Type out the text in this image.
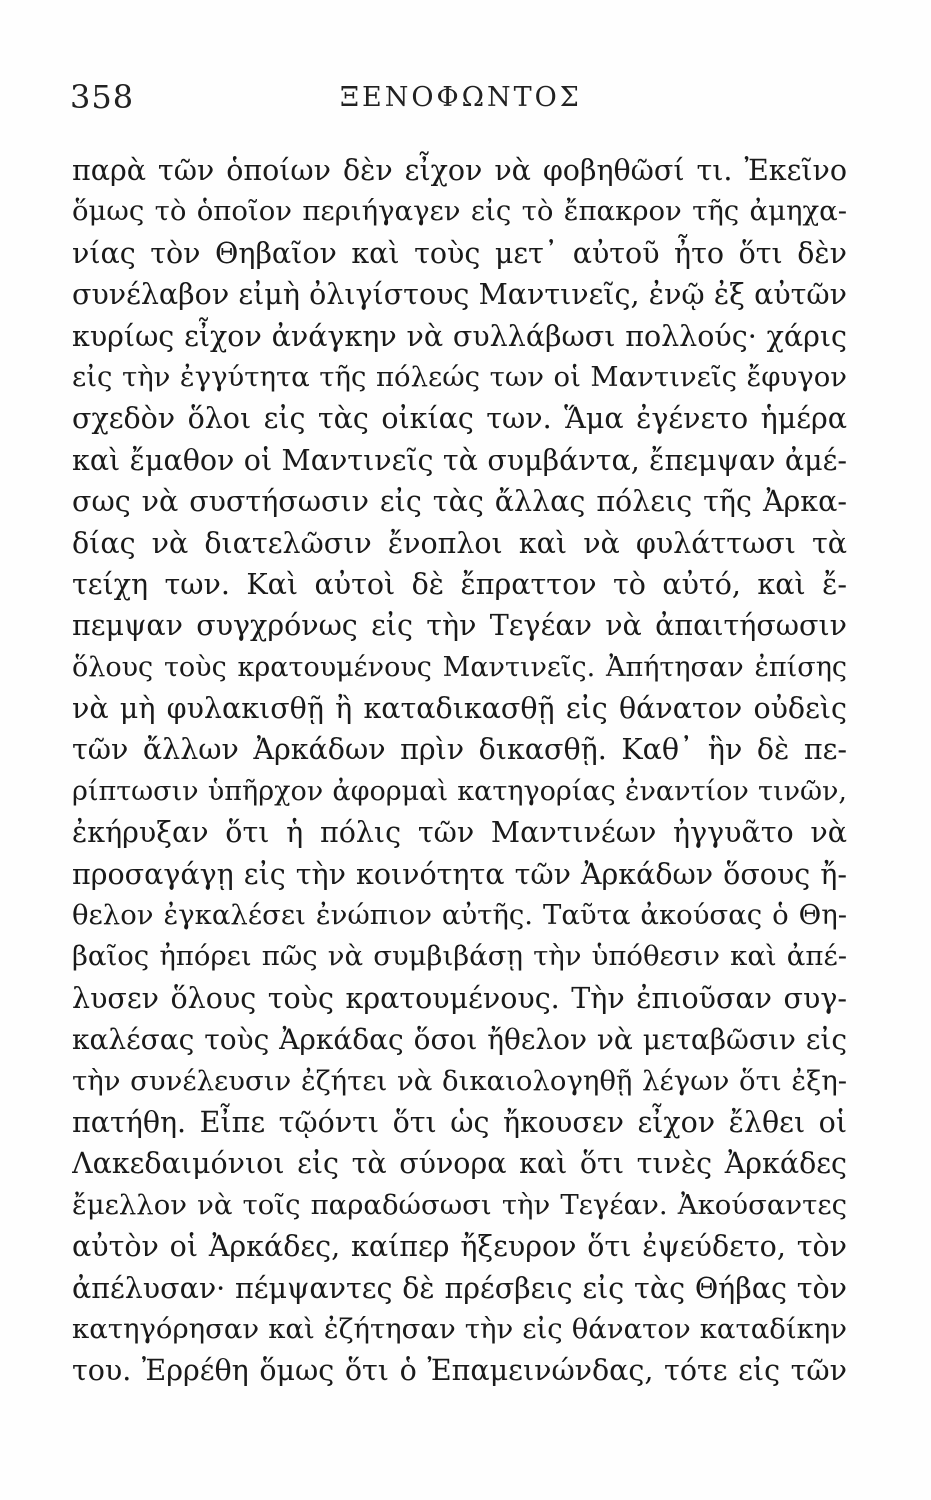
358	ΞΕΝΟΦΩΝΤΟΣ
παρὰ τῶν ὁποίων δὲν εἶχον νὰ φοβηθῶσί τι. Ἐκεῖνο
ὅμως τὸ ὁποῖον περιήγαγεν εἰς τὸ ἔπακρον τῆς ἀμηχα-
νίας τὸν Θηβαῖον καὶ τοὺς μετ᾽ αὐτοῦ ἦτο ὅτι δὲν
συνέλαβον εἰμὴ ὀλιγίστους Μαντινεῖς, ἐνῷ ἐξ αὐτῶν
κυρίως εἶχον ἀνάγκην νὰ συλλάβωσι πολλούς· χάρις
εἰς τὴν ἐγγύτητα τῆς πόλεώς των οἱ Μαντινεῖς ἔφυγον
σχεδὸν ὅλοι εἰς τὰς οἰκίας των. Ἅμα ἐγένετο ἡμέρα
καὶ ἔμαθον οἱ Μαντινεῖς τὰ συμβάντα, ἔπεμψαν ἀμέ-
σως νὰ συστήσωσιν εἰς τὰς ἄλλας πόλεις τῆς Ἀρκα-
δίας νὰ διατελῶσιν ἔνοπλοι καὶ νὰ φυλάττωσι τὰ
τείχη των. Καὶ αὐτοὶ δὲ ἔπραττον τὸ αὐτό, καὶ ἔ-
πεμψαν συγχρόνως εἰς τὴν Τεγέαν νὰ ἀπαιτήσωσιν
ὅλους τοὺς κρατουμένους Μαντινεῖς. Ἀπήτησαν ἐπίσης
νὰ μὴ φυλακισθῇ ἢ καταδικασθῇ εἰς θάνατον οὐδεὶς
τῶν ἄλλων Ἀρκάδων πρὶν δικασθῇ. Καθ᾽ ἣν δὲ πε-
ρίπτωσιν ὑπῆρχον ἀφορμαὶ κατηγορίας ἐναντίον τινῶν,
ἐκήρυξαν ὅτι ἡ πόλις τῶν Μαντινέων ἠγγυᾶτο νὰ
προσαγάγῃ εἰς τὴν κοινότητα τῶν Ἀρκάδων ὅσους ἤ-
θελον ἐγκαλέσει ἐνώπιον αὐτῆς. Ταῦτα ἀκούσας ὁ Θη-
βαῖος ἠπόρει πῶς νὰ συμβιβάσῃ τὴν ὑπόθεσιν καὶ ἀπέ-
λυσεν ὅλους τοὺς κρατουμένους. Τὴν ἐπιοῦσαν συγ-
καλέσας τοὺς Ἀρκάδας ὅσοι ἤθελον νὰ μεταβῶσιν εἰς
τὴν συνέλευσιν ἐζήτει νὰ δικαιολογηθῇ λέγων ὅτι ἐξη-
πατήθη. Εἶπε τῷόντι ὅτι ὡς ἤκουσεν εἶχον ἔλθει οἱ
Λακεδαιμόνιοι εἰς τὰ σύνορα καὶ ὅτι τινὲς Ἀρκάδες
ἔμελλον νὰ τοῖς παραδώσωσι τὴν Τεγέαν. Ἀκούσαντες
αὐτὸν οἱ Ἀρκάδες, καίπερ ἤξευρον ὅτι ἐψεύδετο, τὸν
ἀπέλυσαν· πέμψαντες δὲ πρέσβεις εἰς τὰς Θήβας τὸν
κατηγόρησαν καὶ ἐζήτησαν τὴν εἰς θάνατον καταδίκην
του. Ἐρρέθη ὅμως ὅτι ὁ Ἐπαμεινώνδας, τότε εἰς τῶν
